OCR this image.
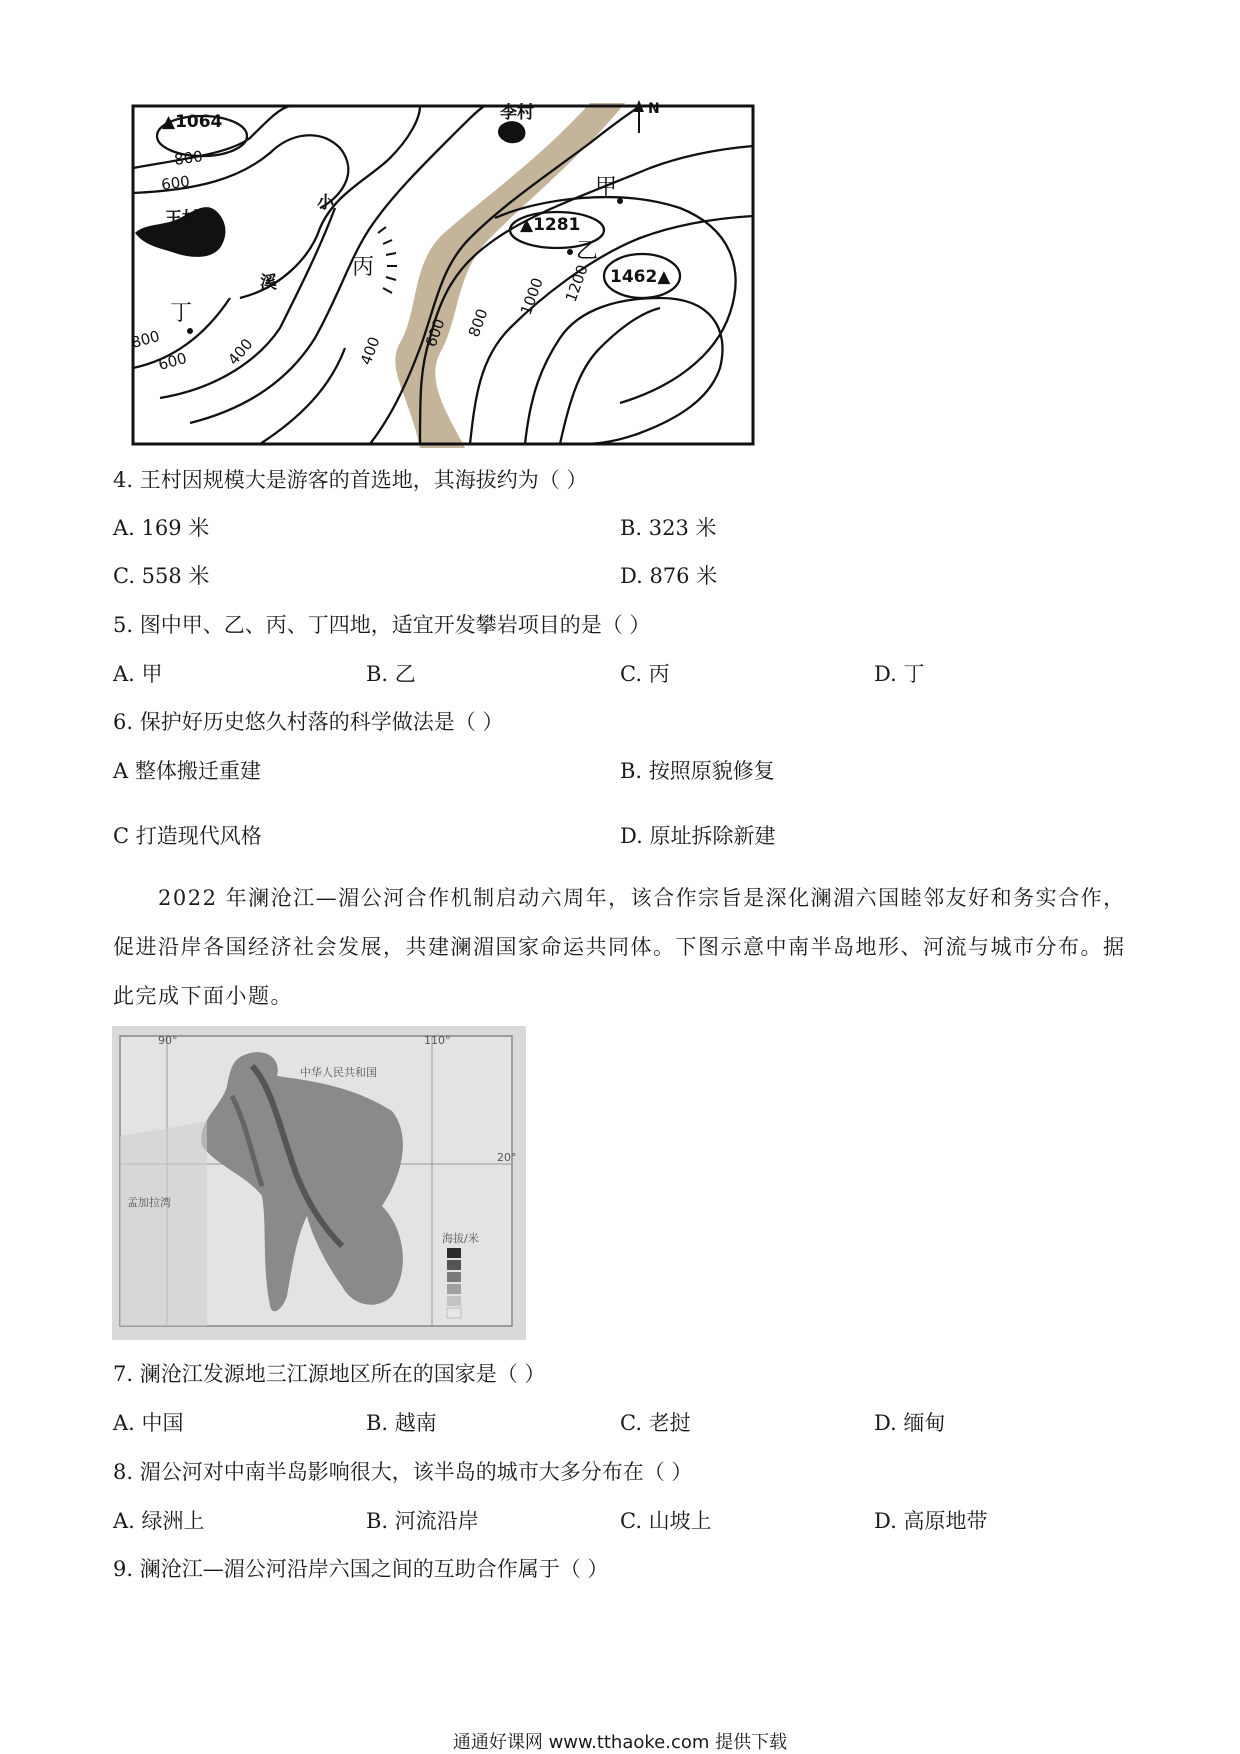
▲1064
▲1281
1462▲
李村
王村
小
溪
N
甲
乙
丙
丁
800
600
800
600 400	400
600 800
1000 1200
4. 王村因规模大是游客的首选地，其海拔约为（ ）
A. 169 米	B. 323 米
C. 558 米	D. 876 米
5. 图中甲、乙、丙、丁四地，适宜开发攀岩项目的是（ ）
A. 甲	B. 乙	C. 丙	D. 丁
6. 保护好历史悠久村落的科学做法是（ ）
A 整体搬迁重建	B. 按照原貌修复
C 打造现代风格	D. 原址拆除新建

2022 年澜沧江—湄公河合作机制启动六周年，该合作宗旨是深化澜湄六国睦邻友好和务实合作，促进沿岸各国经济社会发展，共建澜湄国家命运共同体。下图示意中南半岛地形、河流与城市分布。据此完成下面小题。

90°	110°
20°
中华人民共和国
孟加拉湾
海拔/米
7. 澜沧江发源地三江源地区所在的国家是（ ）
A. 中国	B. 越南	C. 老挝	D. 缅甸
8. 湄公河对中南半岛影响很大，该半岛的城市大多分布在（ ）
A. 绿洲上	B. 河流沿岸	C. 山坡上	D. 高原地带
9. 澜沧江—湄公河沿岸六国之间的互助合作属于（ ）
通通好课网 www.tthaoke.com 提供下载
